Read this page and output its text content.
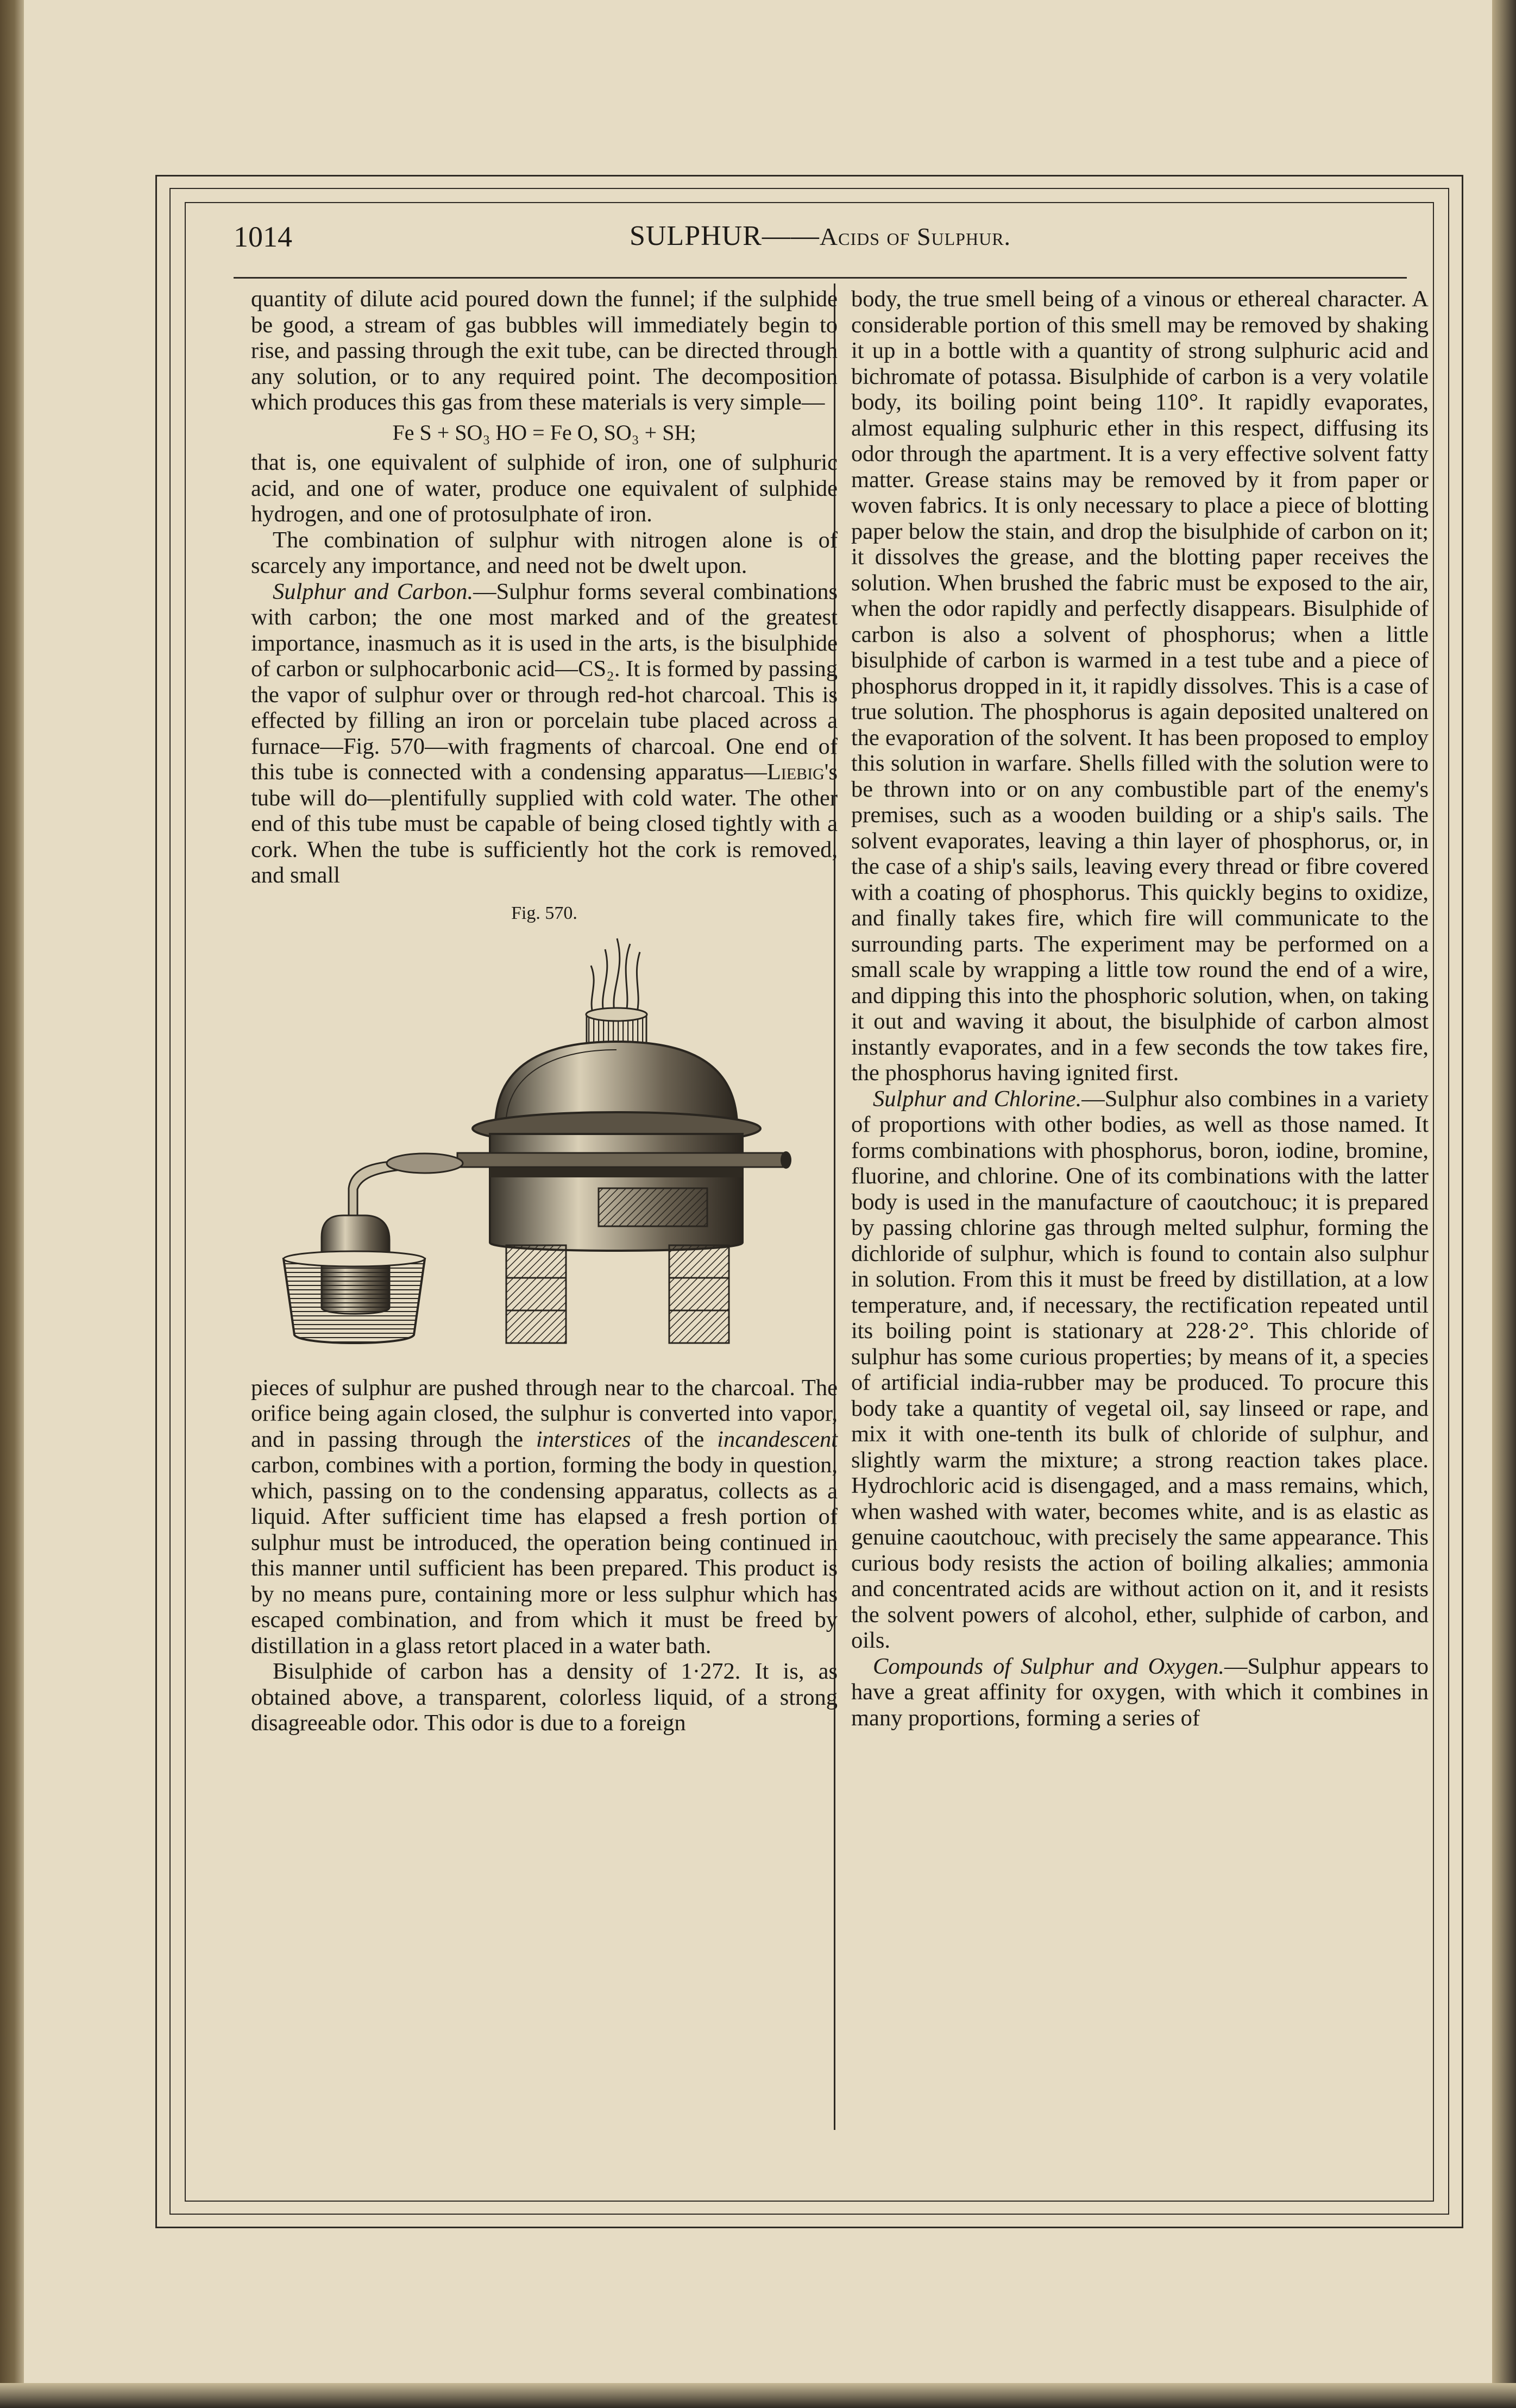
1014	SULPHUR——Acids of Sulphur.

quantity of dilute acid poured down the funnel; if the sulphide be good, a stream of gas bubbles will immediately begin to rise, and passing through the exit tube, can be directed through any solution, or to any required point. The decomposition which produces this gas from these materials is very simple—

Fe S + SO₃ HO = Fe O, SO₃ + SH;

that is, one equivalent of sulphide of iron, one of sulphuric acid, and one of water, produce one equivalent of sulphide hydrogen, and one of protosulphate of iron.

The combination of sulphur with nitrogen alone is of scarcely any importance, and need not be dwelt upon.

Sulphur and Carbon.—Sulphur forms several combinations with carbon; the one most marked and of the greatest importance, inasmuch as it is used in the arts, is the bisulphide of carbon or sulphocarbonic acid—CS₂. It is formed by passing the vapor of sulphur over or through red-hot charcoal. This is effected by filling an iron or porcelain tube placed across a furnace—Fig. 570—with fragments of charcoal. One end of this tube is connected with a condensing apparatus—Liebig's tube will do—plentifully supplied with cold water. The other end of this tube must be capable of being closed tightly with a cork. When the tube is sufficiently hot the cork is removed, and small

Fig. 570.

pieces of sulphur are pushed through near to the charcoal. The orifice being again closed, the sulphur is converted into vapor, and in passing through the interstices of the incandescent carbon, combines with a portion, forming the body in question, which, passing on to the condensing apparatus, collects as a liquid. After sufficient time has elapsed a fresh portion of sulphur must be introduced, the operation being continued in this manner until sufficient has been prepared. This product is by no means pure, containing more or less sulphur which has escaped combination, and from which it must be freed by distillation in a glass retort placed in a water bath.

Bisulphide of carbon has a density of 1·272. It is, as obtained above, a transparent, colorless liquid, of a strong disagreeable odor. This odor is due to a foreign

body, the true smell being of a vinous or ethereal character. A considerable portion of this smell may be removed by shaking it up in a bottle with a quantity of strong sulphuric acid and bichromate of potassa. Bisulphide of carbon is a very volatile body, its boiling point being 110°. It rapidly evaporates, almost equaling sulphuric ether in this respect, diffusing its odor through the apartment. It is a very effective solvent fatty matter. Grease stains may be removed by it from paper or woven fabrics. It is only necessary to place a piece of blotting paper below the stain, and drop the bisulphide of carbon on it; it dissolves the grease, and the blotting paper receives the solution. When brushed the fabric must be exposed to the air, when the odor rapidly and perfectly disappears. Bisulphide of carbon is also a solvent of phosphorus; when a little bisulphide of carbon is warmed in a test tube and a piece of phosphorus dropped in it, it rapidly dissolves. This is a case of true solution. The phosphorus is again deposited unaltered on the evaporation of the solvent. It has been proposed to employ this solution in warfare. Shells filled with the solution were to be thrown into or on any combustible part of the enemy's premises, such as a wooden building or a ship's sails. The solvent evaporates, leaving a thin layer of phosphorus, or, in the case of a ship's sails, leaving every thread or fibre covered with a coating of phosphorus. This quickly begins to oxidize, and finally takes fire, which fire will communicate to the surrounding parts. The experiment may be performed on a small scale by wrapping a little tow round the end of a wire, and dipping this into the phosphoric solution, when, on taking it out and waving it about, the bisulphide of carbon almost instantly evaporates, and in a few seconds the tow takes fire, the phosphorus having ignited first.

Sulphur and Chlorine.—Sulphur also combines in a variety of proportions with other bodies, as well as those named. It forms combinations with phosphorus, boron, iodine, bromine, fluorine, and chlorine. One of its combinations with the latter body is used in the manufacture of caoutchouc; it is prepared by passing chlorine gas through melted sulphur, forming the dichloride of sulphur, which is found to contain also sulphur in solution. From this it must be freed by distillation, at a low temperature, and, if necessary, the rectification repeated until its boiling point is stationary at 228·2°. This chloride of sulphur has some curious properties; by means of it, a species of artificial india-rubber may be produced. To procure this body take a quantity of vegetal oil, say linseed or rape, and mix it with one-tenth its bulk of chloride of sulphur, and slightly warm the mixture; a strong reaction takes place. Hydrochloric acid is disengaged, and a mass remains, which, when washed with water, becomes white, and is as elastic as genuine caoutchouc, with precisely the same appearance. This curious body resists the action of boiling alkalies; ammonia and concentrated acids are without action on it, and it resists the solvent powers of alcohol, ether, sulphide of carbon, and oils.

Compounds of Sulphur and Oxygen.—Sulphur appears to have a great affinity for oxygen, with which it combines in many proportions, forming a series of
